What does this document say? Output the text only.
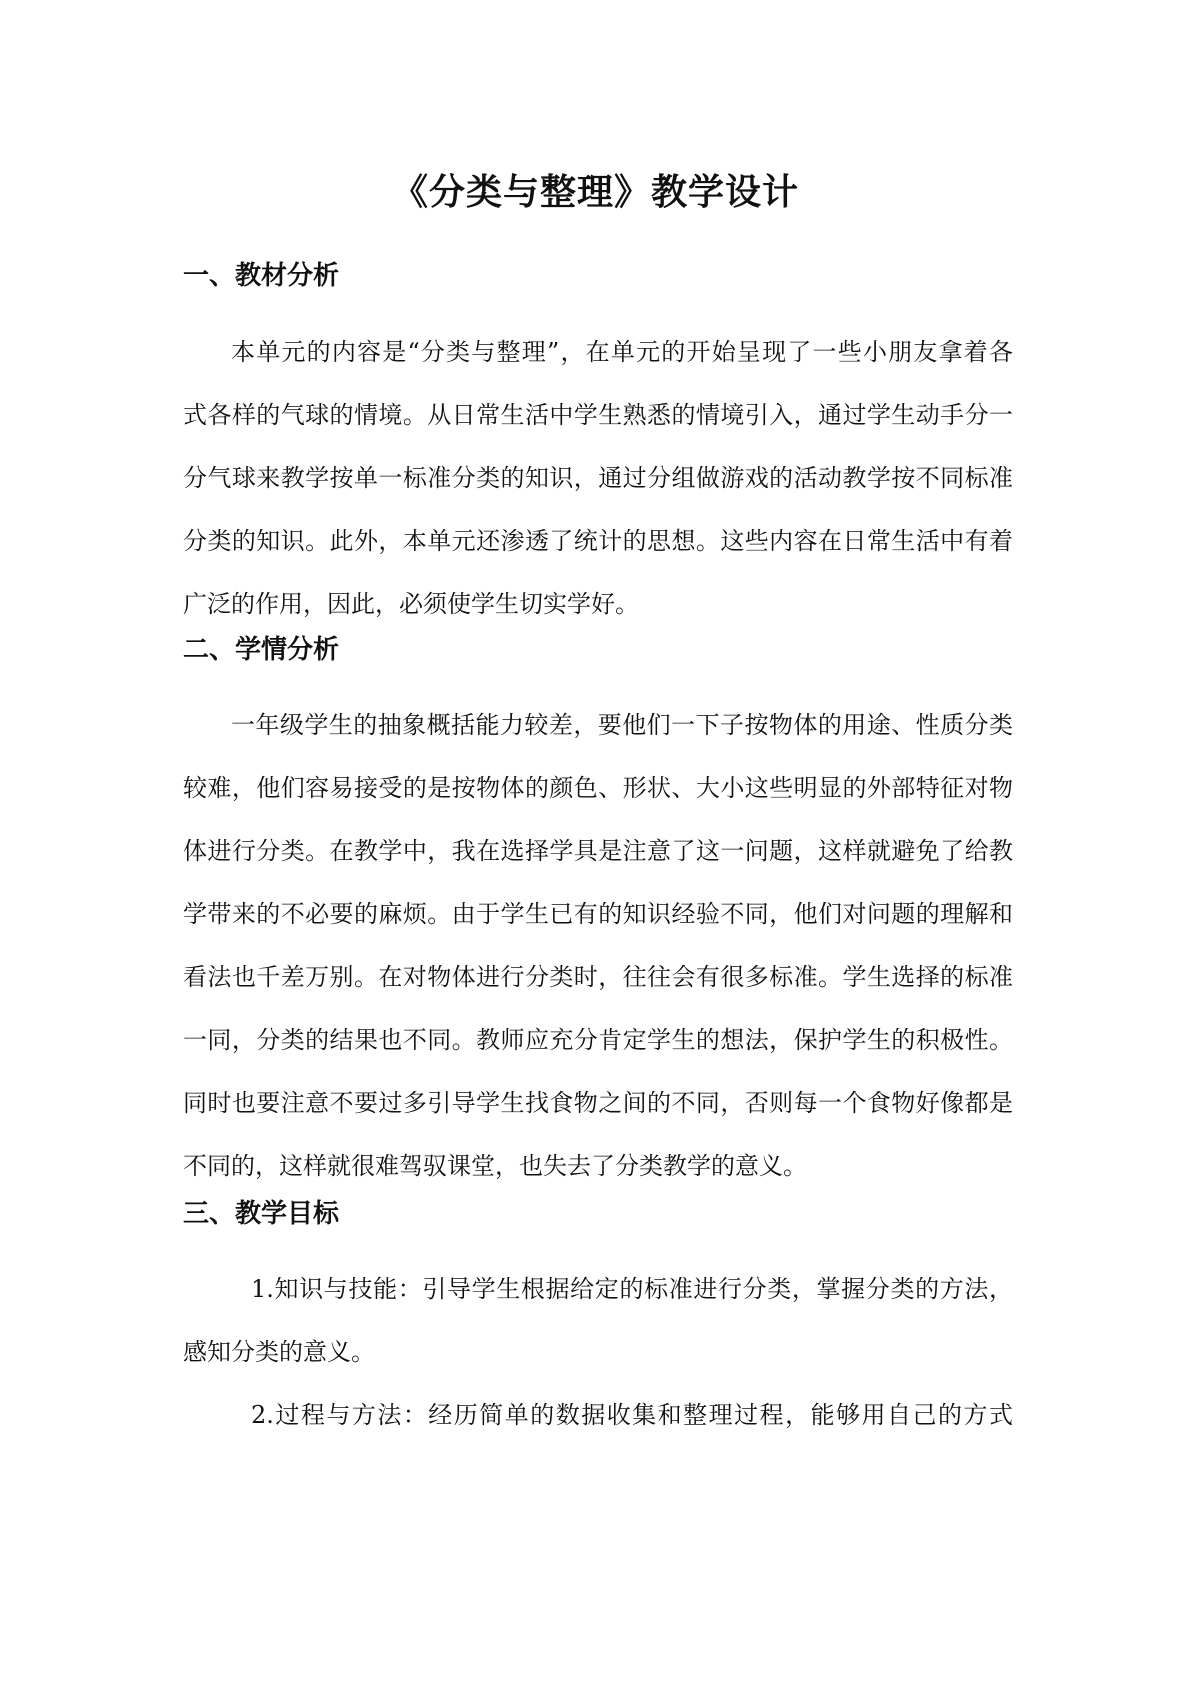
《分类与整理》教学设计
一、教材分析
本单元的内容是“分类与整理”，在单元的开始呈现了一些小朋友拿着各
式各样的气球的情境。从日常生活中学生熟悉的情境引入，通过学生动手分一
分气球来教学按单一标准分类的知识，通过分组做游戏的活动教学按不同标准
分类的知识。此外，本单元还渗透了统计的思想。这些内容在日常生活中有着
广泛的作用，因此，必须使学生切实学好。
二、学情分析
一年级学生的抽象概括能力较差，要他们一下子按物体的用途、性质分类
较难，他们容易接受的是按物体的颜色、形状、大小这些明显的外部特征对物
体进行分类。在教学中，我在选择学具是注意了这一问题，这样就避免了给教
学带来的不必要的麻烦。由于学生已有的知识经验不同，他们对问题的理解和
看法也千差万别。在对物体进行分类时，往往会有很多标准。学生选择的标准
一同，分类的结果也不同。教师应充分肯定学生的想法，保护学生的积极性。
同时也要注意不要过多引导学生找食物之间的不同，否则每一个食物好像都是
不同的，这样就很难驾驭课堂，也失去了分类教学的意义。
三、教学目标
1.知识与技能：引导学生根据给定的标准进行分类，掌握分类的方法，
感知分类的意义。
2.过程与方法：经历简单的数据收集和整理过程，能够用自己的方式
